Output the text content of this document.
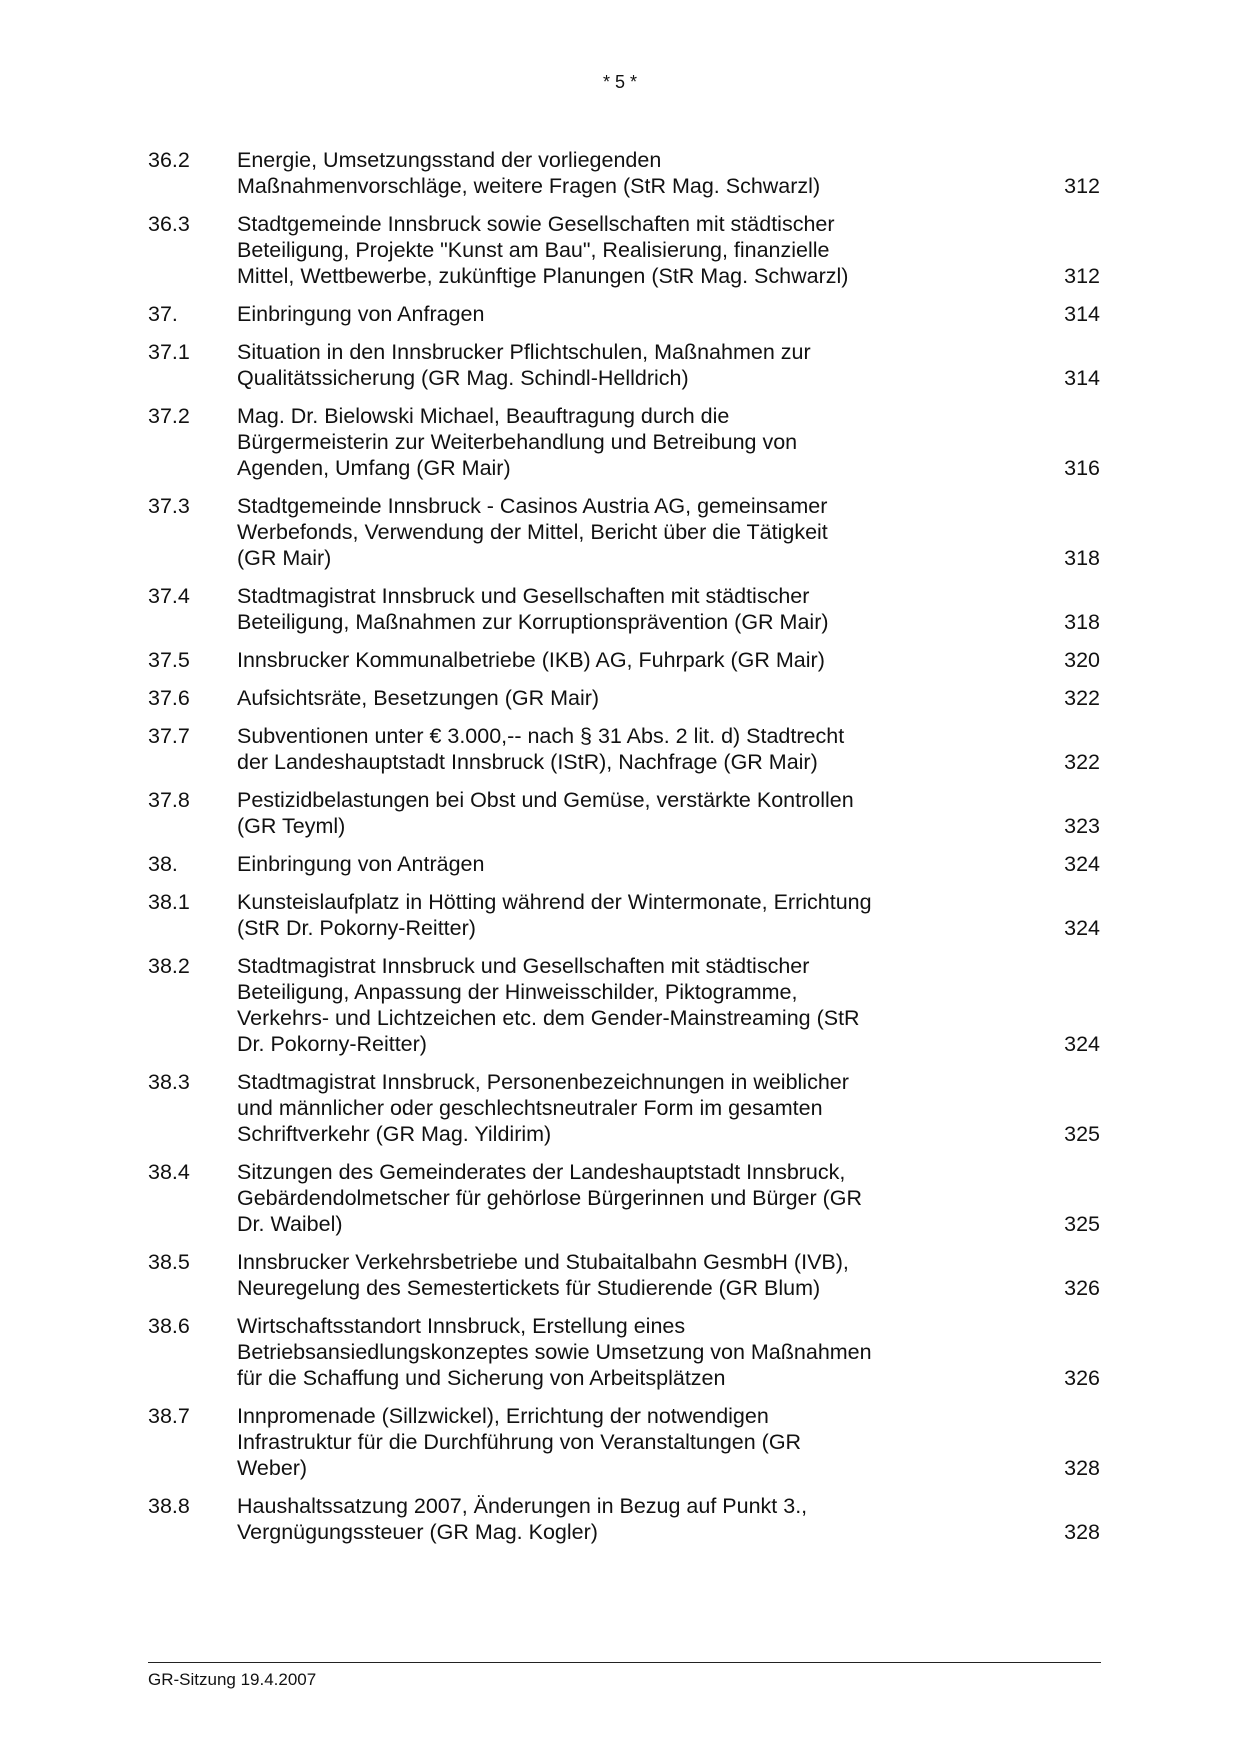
* 5 *
36.2	Energie, Umsetzungsstand der vorliegenden
Maßnahmenvorschläge, weitere Fragen (StR Mag. Schwarzl)	312
36.3	Stadtgemeinde Innsbruck sowie Gesellschaften mit städtischer
Beteiligung, Projekte "Kunst am Bau", Realisierung, finanzielle
Mittel, Wettbewerbe, zukünftige Planungen (StR Mag. Schwarzl)	312
37.	Einbringung von Anfragen	314
37.1	Situation in den Innsbrucker Pflichtschulen, Maßnahmen zur
Qualitätssicherung (GR Mag. Schindl-Helldrich)	314
37.2	Mag. Dr. Bielowski Michael, Beauftragung durch die
Bürgermeisterin zur Weiterbehandlung und Betreibung von
Agenden, Umfang (GR Mair)	316
37.3	Stadtgemeinde Innsbruck - Casinos Austria AG, gemeinsamer
Werbefonds, Verwendung der Mittel, Bericht über die Tätigkeit
(GR Mair)	318
37.4	Stadtmagistrat Innsbruck und Gesellschaften mit städtischer
Beteiligung, Maßnahmen zur Korruptionsprävention (GR Mair)	318
37.5	Innsbrucker Kommunalbetriebe (IKB) AG, Fuhrpark (GR Mair)	320
37.6	Aufsichtsräte, Besetzungen (GR Mair)	322
37.7	Subventionen unter € 3.000,-- nach § 31 Abs. 2 lit. d) Stadtrecht
der Landeshauptstadt Innsbruck (IStR), Nachfrage (GR Mair)	322
37.8	Pestizidbelastungen bei Obst und Gemüse, verstärkte Kontrollen
(GR Teyml)	323
38.	Einbringung von Anträgen	324
38.1	Kunsteislaufplatz in Hötting während der Wintermonate, Errichtung
(StR Dr. Pokorny-Reitter)	324
38.2	Stadtmagistrat Innsbruck und Gesellschaften mit städtischer
Beteiligung, Anpassung der Hinweisschilder, Piktogramme,
Verkehrs- und Lichtzeichen etc. dem Gender-Mainstreaming (StR
Dr. Pokorny-Reitter)	324
38.3	Stadtmagistrat Innsbruck, Personenbezeichnungen in weiblicher
und männlicher oder geschlechtsneutraler Form im gesamten
Schriftverkehr (GR Mag. Yildirim)	325
38.4	Sitzungen des Gemeinderates der Landeshauptstadt Innsbruck,
Gebärdendolmetscher für gehörlose Bürgerinnen und Bürger (GR
Dr. Waibel)	325
38.5	Innsbrucker Verkehrsbetriebe und Stubaitalbahn GesmbH (IVB),
Neuregelung des Semestertickets für Studierende (GR Blum)	326
38.6	Wirtschaftsstandort Innsbruck, Erstellung eines
Betriebsansiedlungskonzeptes sowie Umsetzung von Maßnahmen
für die Schaffung und Sicherung von Arbeitsplätzen	326
38.7	Innpromenade (Sillzwickel), Errichtung der notwendigen
Infrastruktur für die Durchführung von Veranstaltungen (GR
Weber)	328
38.8	Haushaltssatzung 2007, Änderungen in Bezug auf Punkt 3.,
Vergnügungssteuer (GR Mag. Kogler)	328
GR-Sitzung 19.4.2007
